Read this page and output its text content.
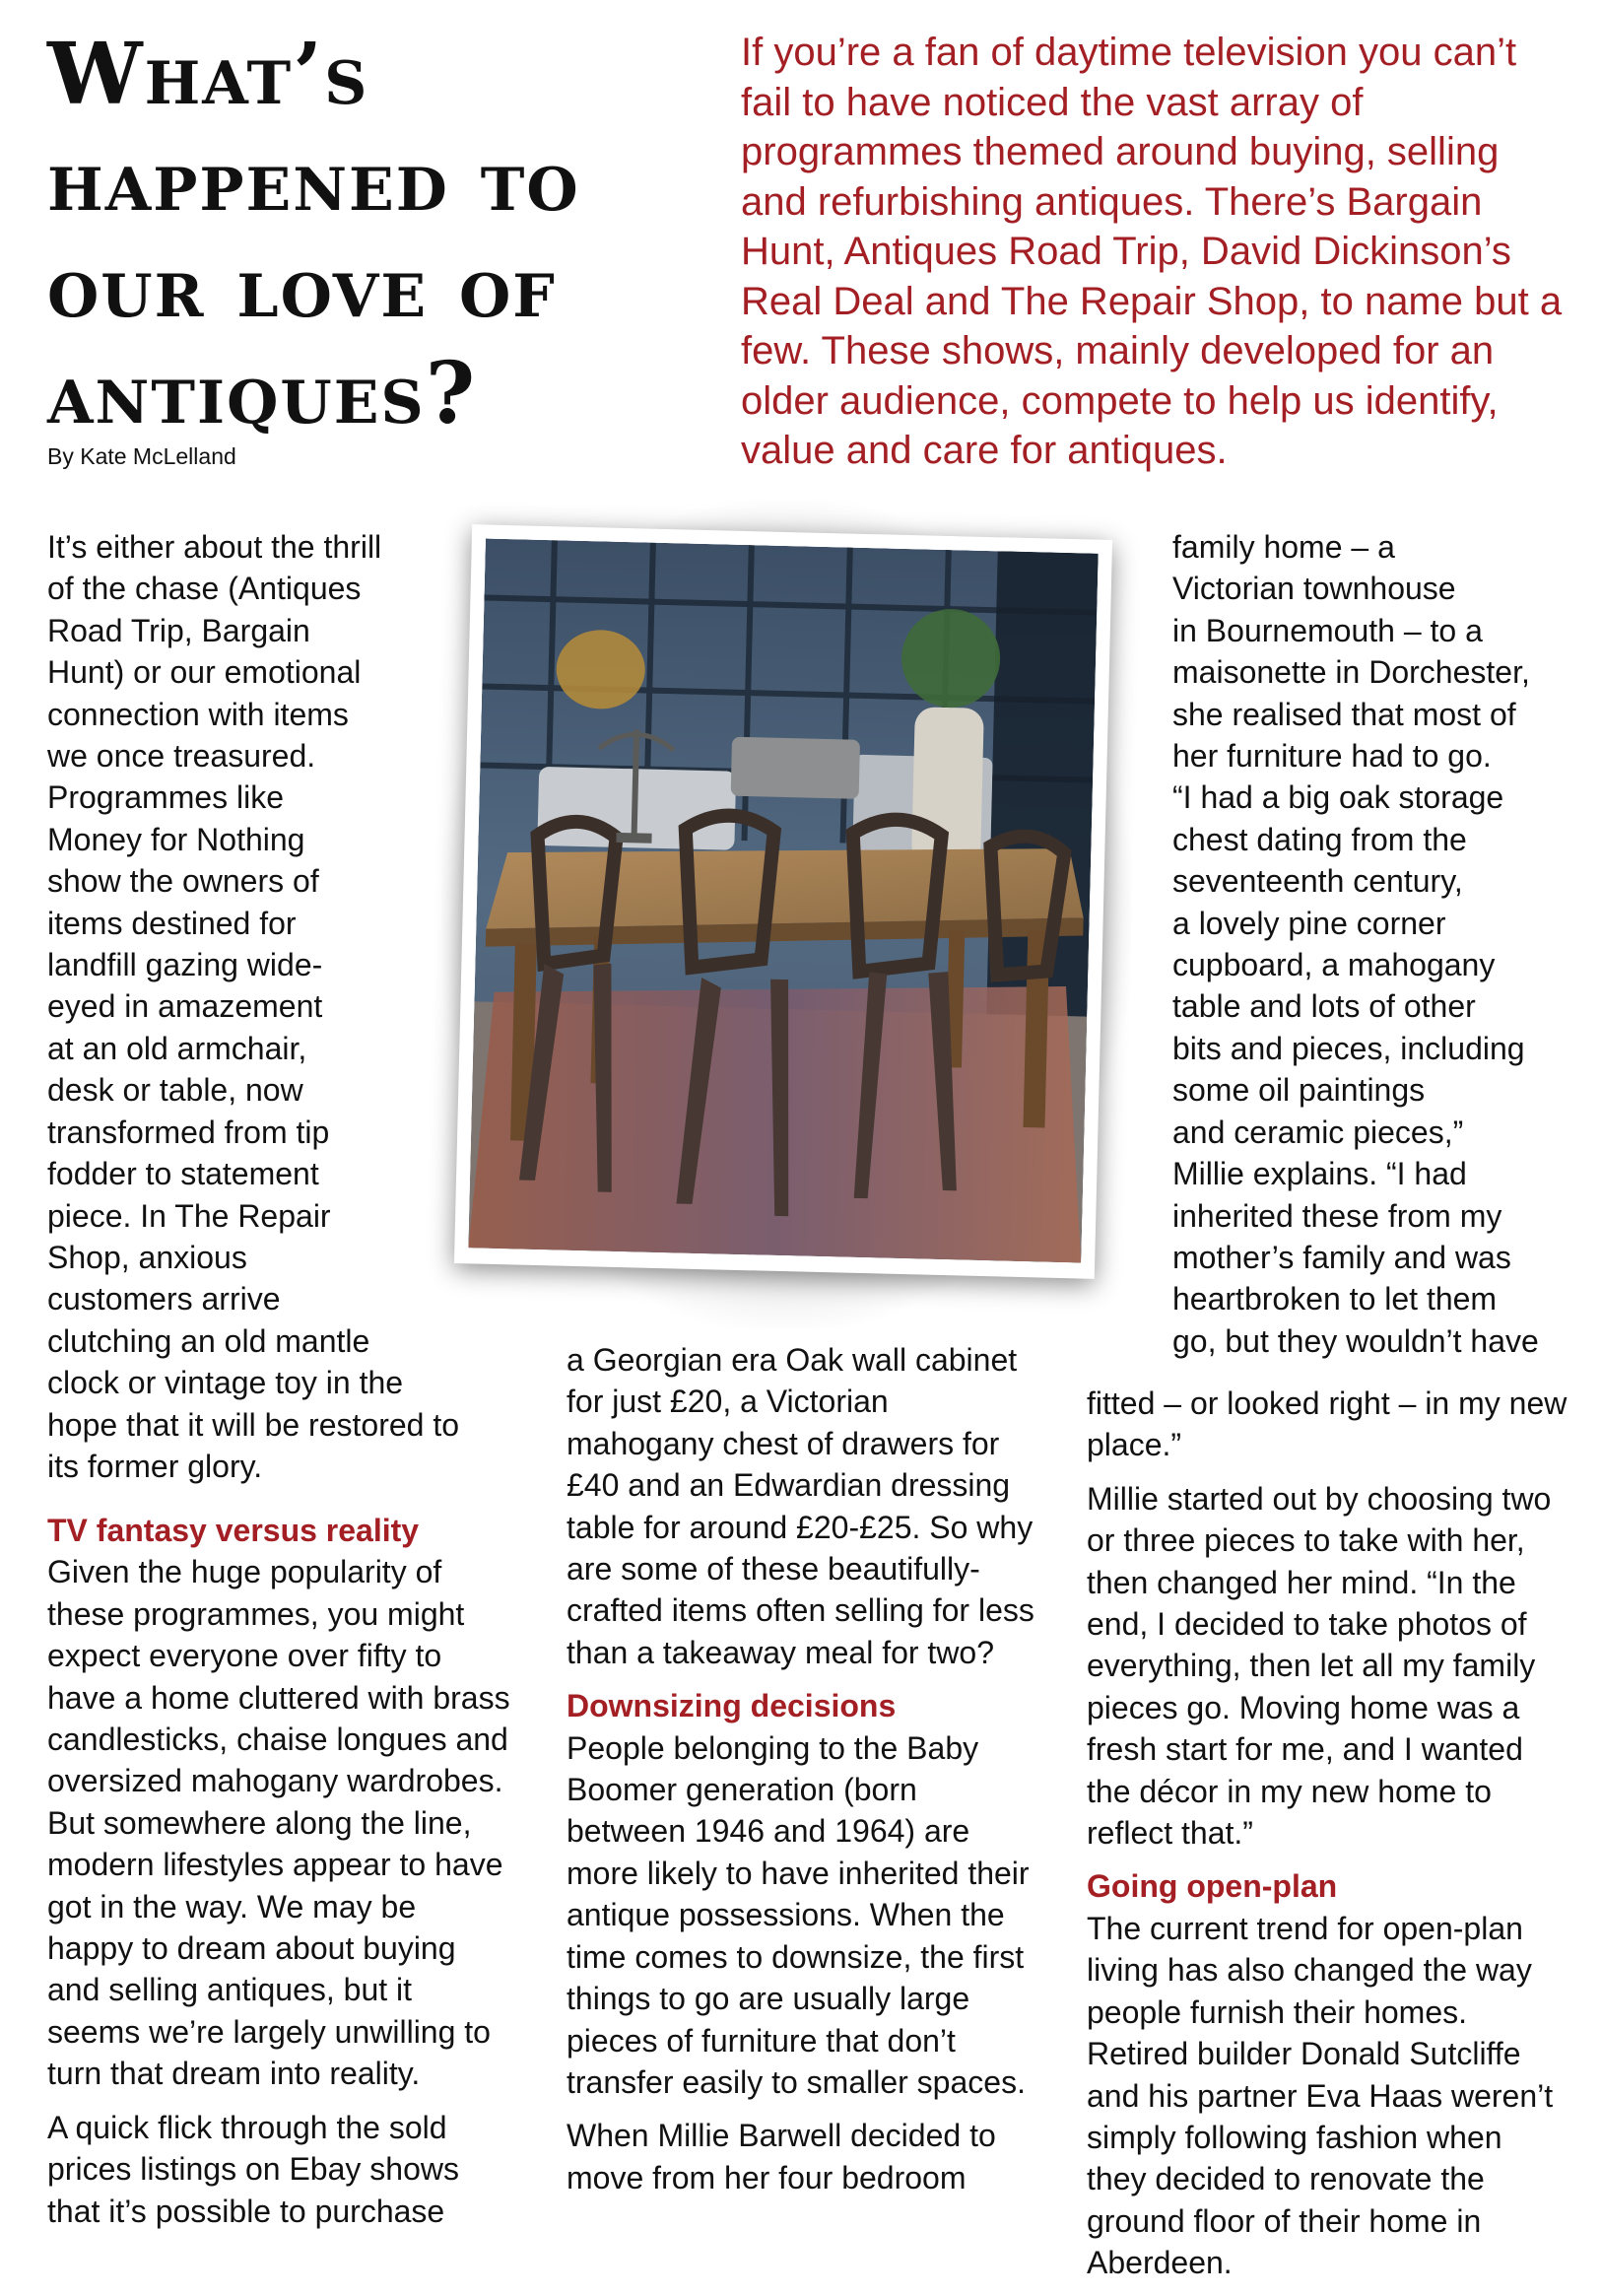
What’s
happened to
our love of
antiques?

By Kate McLelland

If you’re a fan of daytime television you can’t fail to have noticed the vast array of programmes themed around buying, selling and refurbishing antiques. There’s Bargain Hunt, Antiques Road Trip, David Dickinson’s Real Deal and The Repair Shop, to name but a few. These shows, mainly developed for an older audience, compete to help us identify, value and care for antiques.

It’s either about the thrill
of the chase (Antiques
Road Trip, Bargain
Hunt) or our emotional
connection with items
we once treasured.
Programmes like
Money for Nothing
show the owners of
items destined for
landfill gazing wide-
eyed in amazement
at an old armchair,
desk or table, now
transformed from tip
fodder to statement
piece. In The Repair
Shop, anxious
customers arrive
clutching an old mantle
clock or vintage toy in the
hope that it will be restored to
its former glory.
TV fantasy versus reality

Given the huge popularity of these programmes, you might expect everyone over fifty to have a home cluttered with brass candlesticks, chaise longues and oversized mahogany wardrobes. But somewhere along the line, modern lifestyles appear to have got in the way. We may be happy to dream about buying and selling antiques, but it seems we’re largely unwilling to turn that dream into reality.

A quick flick through the sold prices listings on Ebay shows that it’s possible to purchase

a Georgian era Oak wall cabinet for just £20, a Victorian mahogany chest of drawers for £40 and an Edwardian dressing table for around £20-£25. So why are some of these beautifully-crafted items often selling for less than a takeaway meal for two?

Downsizing decisions

People belonging to the Baby Boomer generation (born between 1946 and 1964) are more likely to have inherited their antique possessions. When the time comes to downsize, the first things to go are usually large pieces of furniture that don’t transfer easily to smaller spaces.

When Millie Barwell decided to move from her four bedroom

family home – a
Victorian townhouse
in Bournemouth – to a
maisonette in Dorchester,
she realised that most of
her furniture had to go.
“I had a big oak storage
chest dating from the
seventeenth century,
a lovely pine corner
cupboard, a mahogany
table and lots of other
bits and pieces, including
some oil paintings
and ceramic pieces,”
Millie explains. “I had
inherited these from my
mother’s family and was
heartbroken to let them
go, but they wouldn’t have

fitted – or looked right – in my new place.”

Millie started out by choosing two or three pieces to take with her, then changed her mind. “In the end, I decided to take photos of everything, then let all my family pieces go. Moving home was a fresh start for me, and I wanted the décor in my new home to reflect that.”

Going open-plan

The current trend for open-plan living has also changed the way people furnish their homes. Retired builder Donald Sutcliffe and his partner Eva Haas weren’t simply following fashion when they decided to renovate the ground floor of their home in Aberdeen.
